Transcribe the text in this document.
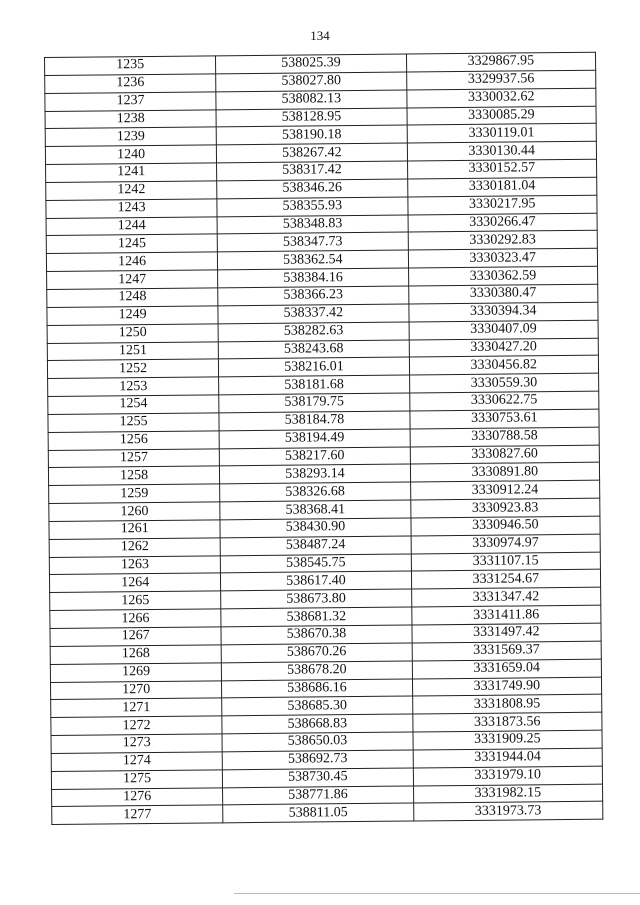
134
1235	538025.39	3329867.95
1236	538027.80	3329937.56
1237	538082.13	3330032.62
1238	538128.95	3330085.29
1239	538190.18	3330119.01
1240	538267.42	3330130.44
1241	538317.42	3330152.57
1242	538346.26	3330181.04
1243	538355.93	3330217.95
1244	538348.83	3330266.47
1245	538347.73	3330292.83
1246	538362.54	3330323.47
1247	538384.16	3330362.59
1248	538366.23	3330380.47
1249	538337.42	3330394.34
1250	538282.63	3330407.09
1251	538243.68	3330427.20
1252	538216.01	3330456.82
1253	538181.68	3330559.30
1254	538179.75	3330622.75
1255	538184.78	3330753.61
1256	538194.49	3330788.58
1257	538217.60	3330827.60
1258	538293.14	3330891.80
1259	538326.68	3330912.24
1260	538368.41	3330923.83
1261	538430.90	3330946.50
1262	538487.24	3330974.97
1263	538545.75	3331107.15
1264	538617.40	3331254.67
1265	538673.80	3331347.42
1266	538681.32	3331411.86
1267	538670.38	3331497.42
1268	538670.26	3331569.37
1269	538678.20	3331659.04
1270	538686.16	3331749.90
1271	538685.30	3331808.95
1272	538668.83	3331873.56
1273	538650.03	3331909.25
1274	538692.73	3331944.04
1275	538730.45	3331979.10
1276	538771.86	3331982.15
1277	538811.05	3331973.73
